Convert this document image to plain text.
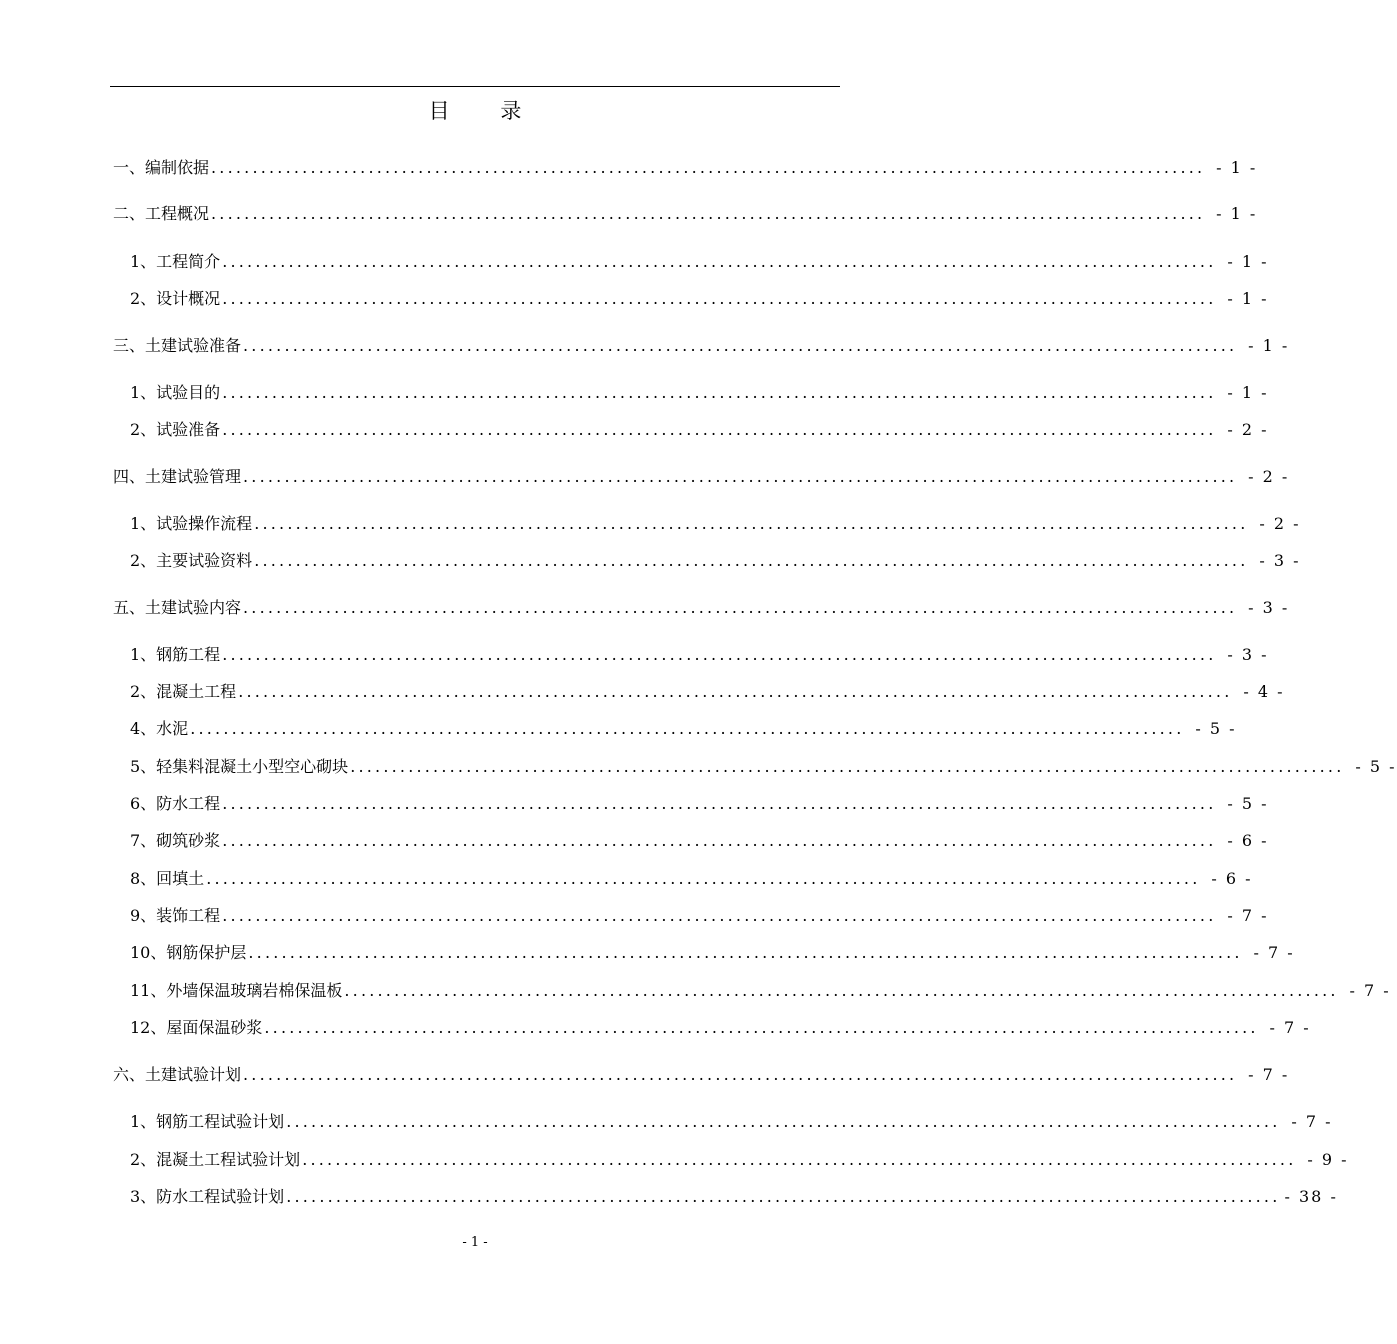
目 录
一、编制依据 ........................................................................................................................ - 1 -
二、工程概况 ........................................................................................................................ - 1 -
1、工程简介 ........................................................................................................................ - 1 -
2、设计概况 ........................................................................................................................ - 1 -
三、土建试验准备 ........................................................................................................................ - 1 -
1、试验目的 ........................................................................................................................ - 1 -
2、试验准备 ........................................................................................................................ - 2 -
四、土建试验管理 ........................................................................................................................ - 2 -
1、试验操作流程 ........................................................................................................................ - 2 -
2、主要试验资料 ........................................................................................................................ - 3 -
五、土建试验内容 ........................................................................................................................ - 3 -
1、钢筋工程 ........................................................................................................................ - 3 -
2、混凝土工程 ........................................................................................................................ - 4 -
4、水泥 ........................................................................................................................ - 5 -
5、轻集料混凝土小型空心砌块 ........................................................................................................................ - 5 -
6、防水工程 ........................................................................................................................ - 5 -
7、砌筑砂浆 ........................................................................................................................ - 6 -
8、回填土 ........................................................................................................................ - 6 -
9、装饰工程 ........................................................................................................................ - 7 -
10、钢筋保护层 ........................................................................................................................ - 7 -
11、外墙保温玻璃岩棉保温板 ........................................................................................................................ - 7 -
12、屋面保温砂浆 ........................................................................................................................ - 7 -
六、土建试验计划 ........................................................................................................................ - 7 -
1、钢筋工程试验计划 ........................................................................................................................ - 7 -
2、混凝土工程试验计划 ........................................................................................................................ - 9 -
3、防水工程试验计划 ........................................................................................................................ - 38 -
- 1 -
